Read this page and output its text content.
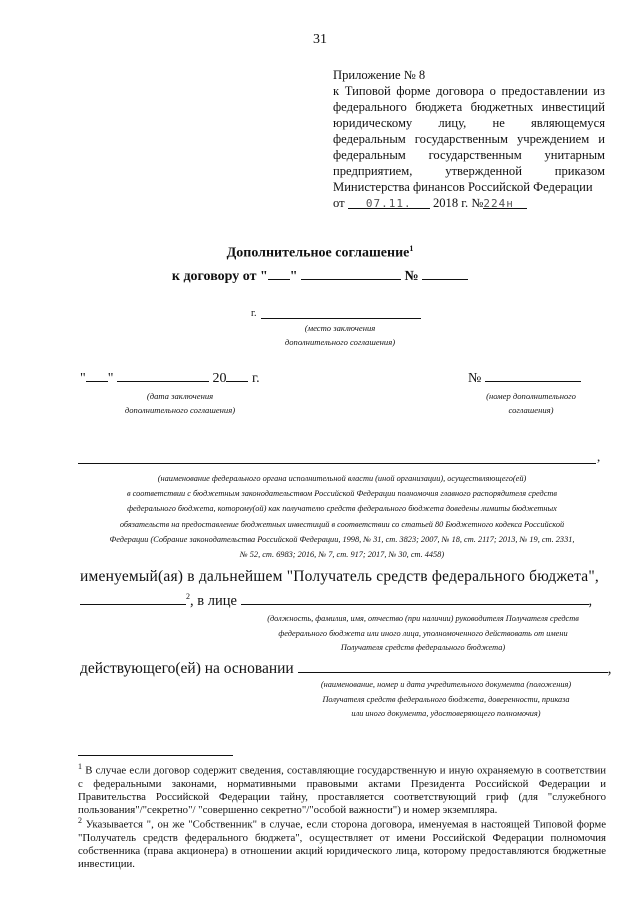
31
Приложение № 8
к Типовой форме договора о предоставлении из
федерального бюджета бюджетных инвестиций
юридическому лицу, не являющемуся
федеральным государственным учреждением и
федеральным государственным унитарным
предприятием, утвержденной приказом
Министерства финансов Российской Федерации
от 07.11. 2018 г. №224н
Дополнительное соглашение$^1$
к договору от " "	№
г.
(место заключения
дополнительного соглашения)
" "	20 г.
(дата заключения
дополнительного соглашения)
№
(номер дополнительного
соглашения)
,
(наименование федерального органа исполнительной власти (иной организации), осуществляющего(ей)
в соответствии с бюджетным законодательством Российской Федерации полномочия главного распорядителя средств
федерального бюджета, которому(ой) как получателю средств федерального бюджета доведены лимиты бюджетных
обязательств на предоставление бюджетных инвестиций в соответствии со статьей 80 Бюджетного кодекса Российской
Федерации (Собрание законодательства Российской Федерации, 1998, № 31, ст. 3823; 2007, № 18, ст. 2117; 2013, № 19, ст. 2331,
№ 52, ст. 6983; 2016, № 7, ст. 917; 2017, № 30, ст. 4458)
именуемый(ая) в дальнейшем "Получатель средств федерального бюджета",
$^2$, в лице	,
(должность, фамилия, имя, отчество (при наличии) руководителя Получателя средств
федерального бюджета или иного лица, уполномоченного действовать от имени
Получателя средств федерального бюджета)
действующего(ей) на основании	,
(наименование, номер и дата учредительного документа (положения)
Получателя средств федерального бюджета, доверенности, приказа
или иного документа, удостоверяющего полномочия)
$^1$ В случае если договор содержит сведения, составляющие государственную и иную охраняемую в соответствии с федеральными законами, нормативными правовыми актами Президента Российской Федерации и Правительства Российской Федерации тайну, проставляется соответствующий гриф (для "служебного пользования"/"секретно"/ "совершенно секретно"/"особой важности") и номер экземпляра.
$^2$ Указывается ", он же "Собственник" в случае, если сторона договора, именуемая в настоящей Типовой форме "Получатель средств федерального бюджета", осуществляет от имени Российской Федерации полномочия собственника (права акционера) в отношении акций юридического лица, которому предоставляются бюджетные инвестиции.
